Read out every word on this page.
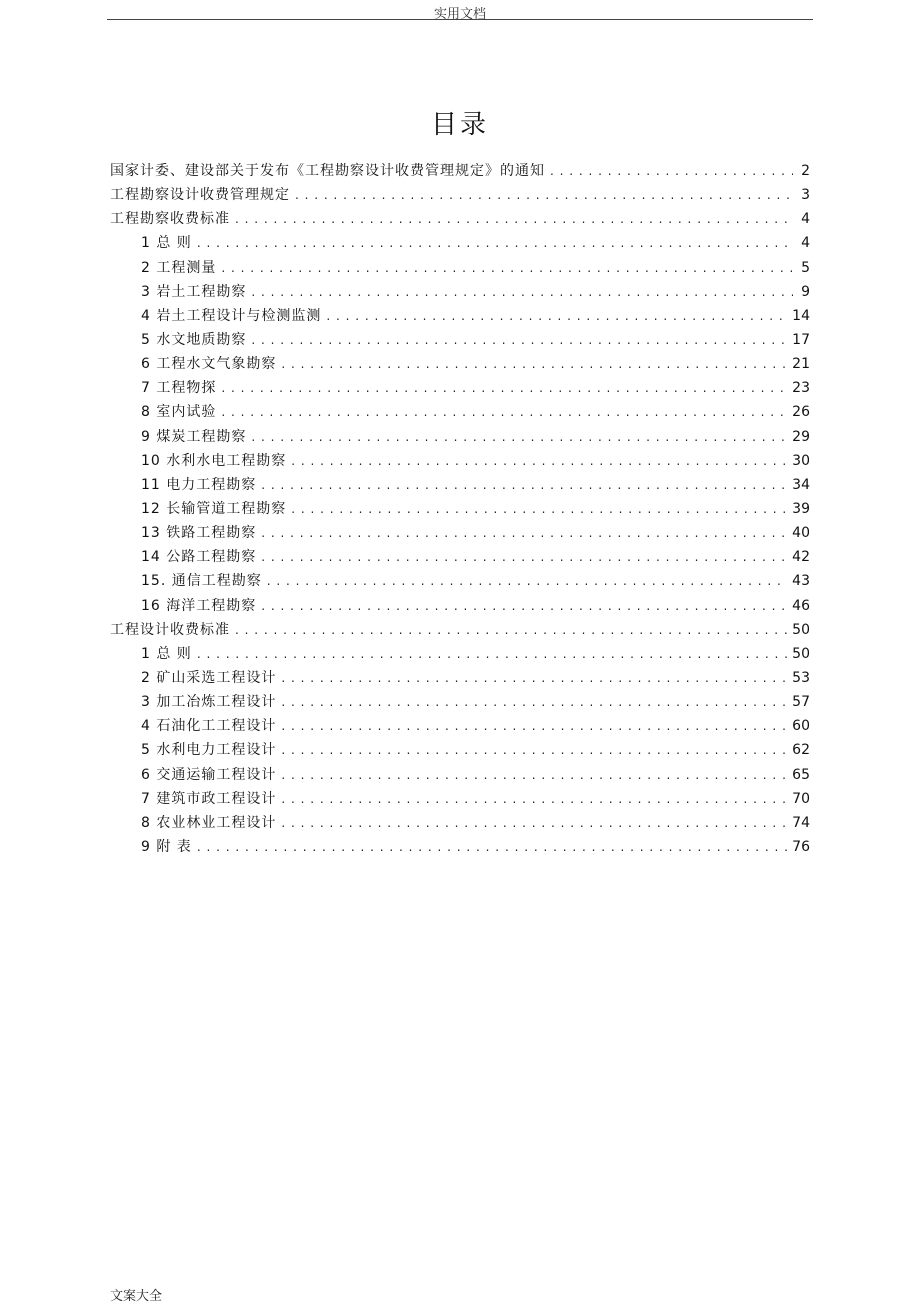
实用文档
目录
国家计委、建设部关于发布《工程勘察设计收费管理规定》的通知 . . .	2
工程勘察设计收费管理规定 . . .	3
工程勘察收费标准 . . .	4
1 总 则 . . .	4
2 工程测量 . . .	5
3 岩土工程勘察 . . .	9
4 岩土工程设计与检测监测 . . .	14
5 水文地质勘察 . . .	17
6 工程水文气象勘察 . . .	21
7 工程物探 . . .	23
8 室内试验 . . .	26
9 煤炭工程勘察 . . .	29
10 水利水电工程勘察 . . .	30
11 电力工程勘察 . . .	34
12 长输管道工程勘察 . . .	39
13 铁路工程勘察 . . .	40
14 公路工程勘察 . . .	42
15. 通信工程勘察 . . .	43
16 海洋工程勘察 . . .	46
工程设计收费标准 . . .	50
1 总 则 . . .	50
2 矿山采选工程设计 . . .	53
3 加工冶炼工程设计 . . .	57
4 石油化工工程设计 . . .	60
5 水利电力工程设计 . . .	62
6 交通运输工程设计 . . .	65
7 建筑市政工程设计 . . .	70
8 农业林业工程设计 . . .	74
9 附 表 . . .	76
文案大全
